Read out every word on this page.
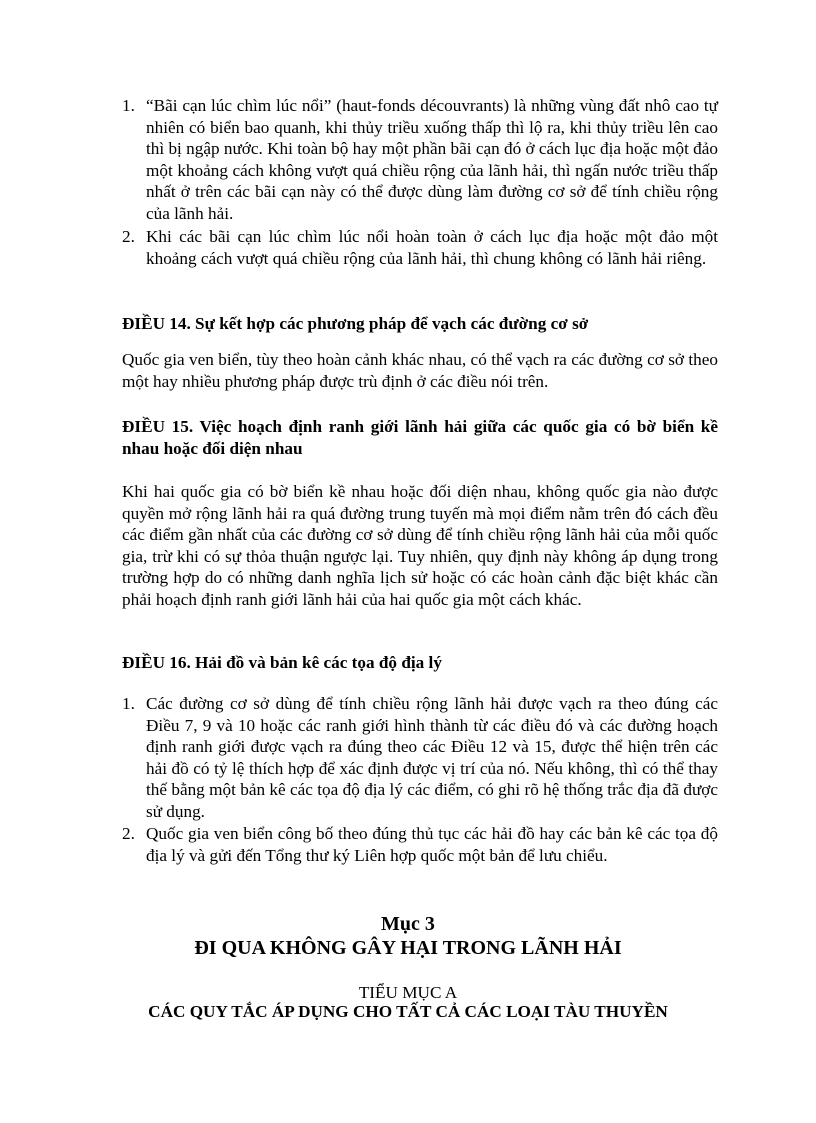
1. “Bãi cạn lúc chìm lúc nổi” (haut-fonds découvrants) là những vùng đất nhô cao tự nhiên có biển bao quanh, khi thủy triều xuống thấp thì lộ ra, khi thủy triều lên cao thì bị ngập nước. Khi toàn bộ hay một phần bãi cạn đó ở cách lục địa hoặc một đảo một khoảng cách không vượt quá chiều rộng của lãnh hải, thì ngấn nước triều thấp nhất ở trên các bãi cạn này có thể được dùng làm đường cơ sở để tính chiều rộng của lãnh hải.
2. Khi các bãi cạn lúc chìm lúc nổi hoàn toàn ở cách lục địa hoặc một đảo một khoảng cách vượt quá chiều rộng của lãnh hải, thì chung không có lãnh hải riêng.
ĐIỀU 14. Sự kết hợp các phương pháp để vạch các đường cơ sở
Quốc gia ven biển, tùy theo hoàn cảnh khác nhau, có thể vạch ra các đường cơ sở theo một hay nhiều phương pháp được trù định ở các điều nói trên.
ĐIỀU 15. Việc hoạch định ranh giới lãnh hải giữa các quốc gia có bờ biển kề nhau hoặc đối diện nhau
Khi hai quốc gia có bờ biển kề nhau hoặc đối diện nhau, không quốc gia nào được quyền mở rộng lãnh hải ra quá đường trung tuyến mà mọi điểm nằm trên đó cách đều các điểm gần nhất của các đường cơ sở dùng để tính chiều rộng lãnh hải của mỗi quốc gia, trừ khi có sự thỏa thuận ngược lại. Tuy nhiên, quy định này không áp dụng trong trường hợp do có những danh nghĩa lịch sử hoặc có các hoàn cảnh đặc biệt khác cần phải hoạch định ranh giới lãnh hải của hai quốc gia một cách khác.
ĐIỀU 16. Hải đồ và bản kê các tọa độ địa lý
1. Các đường cơ sở dùng để tính chiều rộng lãnh hải được vạch ra theo đúng các Điều 7, 9 và 10 hoặc các ranh giới hình thành từ các điều đó và các đường hoạch định ranh giới được vạch ra đúng theo các Điều 12 và 15, được thể hiện trên các hải đồ có tỷ lệ thích hợp để xác định được vị trí của nó. Nếu không, thì có thể thay thế bằng một bản kê các tọa độ địa lý các điểm, có ghi rõ hệ thống trắc địa đã được sử dụng.
2. Quốc gia ven biển công bố theo đúng thủ tục các hải đồ hay các bản kê các tọa độ địa lý và gửi đến Tổng thư ký Liên hợp quốc một bản để lưu chiểu.
Mục 3
ĐI QUA KHÔNG GÂY HẠI TRONG LÃNH HẢI
TIỂU MỤC A
CÁC QUY TẮC ÁP DỤNG CHO TẤT CẢ CÁC LOẠI TÀU THUYỀN
